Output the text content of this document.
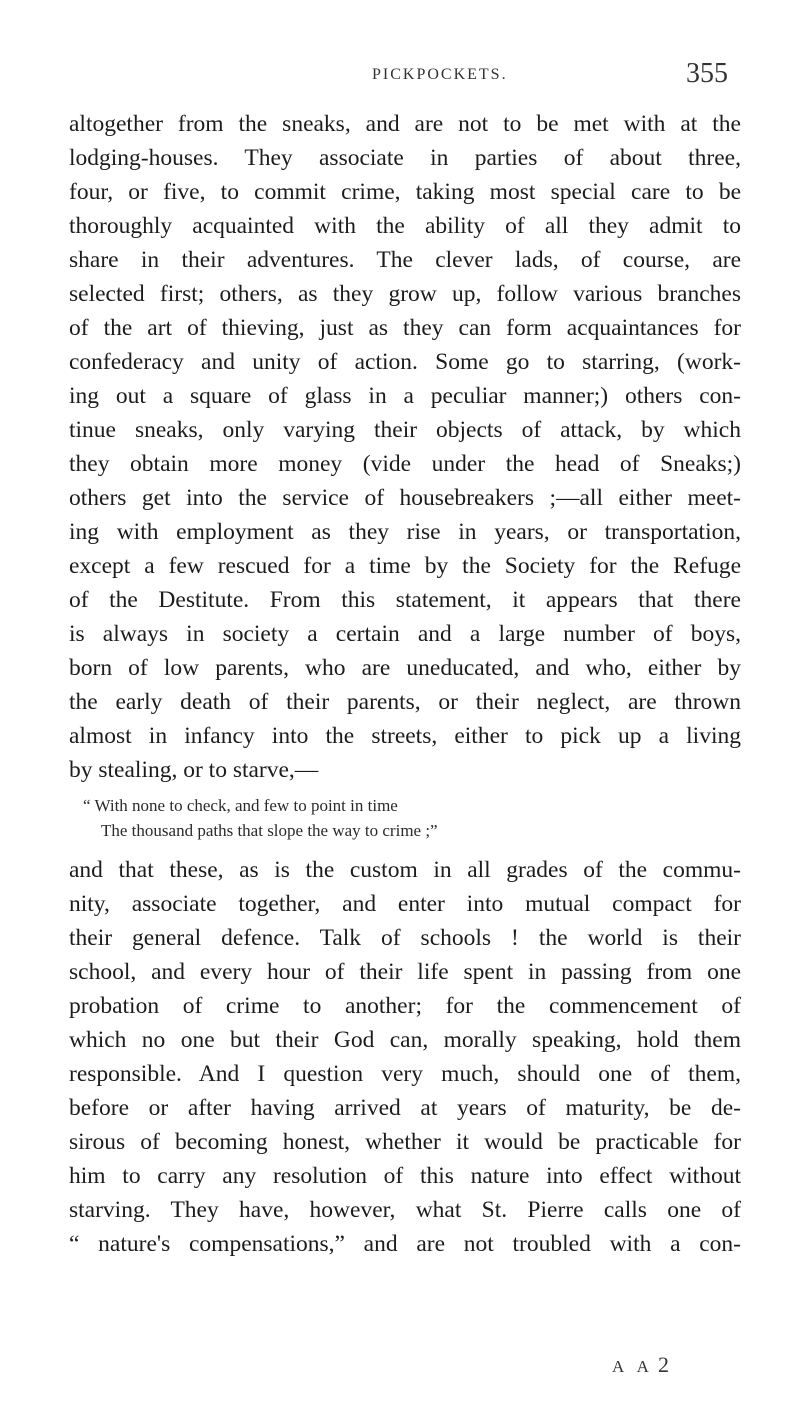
PICKPOCKETS.	355
altogether from the sneaks, and are not to be met with at the
lodging-houses. They associate in parties of about three,
four, or five, to commit crime, taking most special care to be
thoroughly acquainted with the ability of all they admit to
share in their adventures. The clever lads, of course, are
selected first; others, as they grow up, follow various branches
of the art of thieving, just as they can form acquaintances for
confederacy and unity of action. Some go to starring, (work-
ing out a square of glass in a peculiar manner;) others con-
tinue sneaks, only varying their objects of attack, by which
they obtain more money (vide under the head of Sneaks;)
others get into the service of housebreakers ;—all either meet-
ing with employment as they rise in years, or transportation,
except a few rescued for a time by the Society for the Refuge
of the Destitute. From this statement, it appears that there
is always in society a certain and a large number of boys,
born of low parents, who are uneducated, and who, either by
the early death of their parents, or their neglect, are thrown
almost in infancy into the streets, either to pick up a living
by stealing, or to starve,—
“ With none to check, and few to point in time
The thousand paths that slope the way to crime ;”
and that these, as is the custom in all grades of the commu-
nity, associate together, and enter into mutual compact for
their general defence. Talk of schools ! the world is their
school, and every hour of their life spent in passing from one
probation of crime to another; for the commencement of
which no one but their God can, morally speaking, hold them
responsible. And I question very much, should one of them,
before or after having arrived at years of maturity, be de-
sirous of becoming honest, whether it would be practicable for
him to carry any resolution of this nature into effect without
starving. They have, however, what St. Pierre calls one of
“ nature's compensations,” and are not troubled with a con-
A A 2
